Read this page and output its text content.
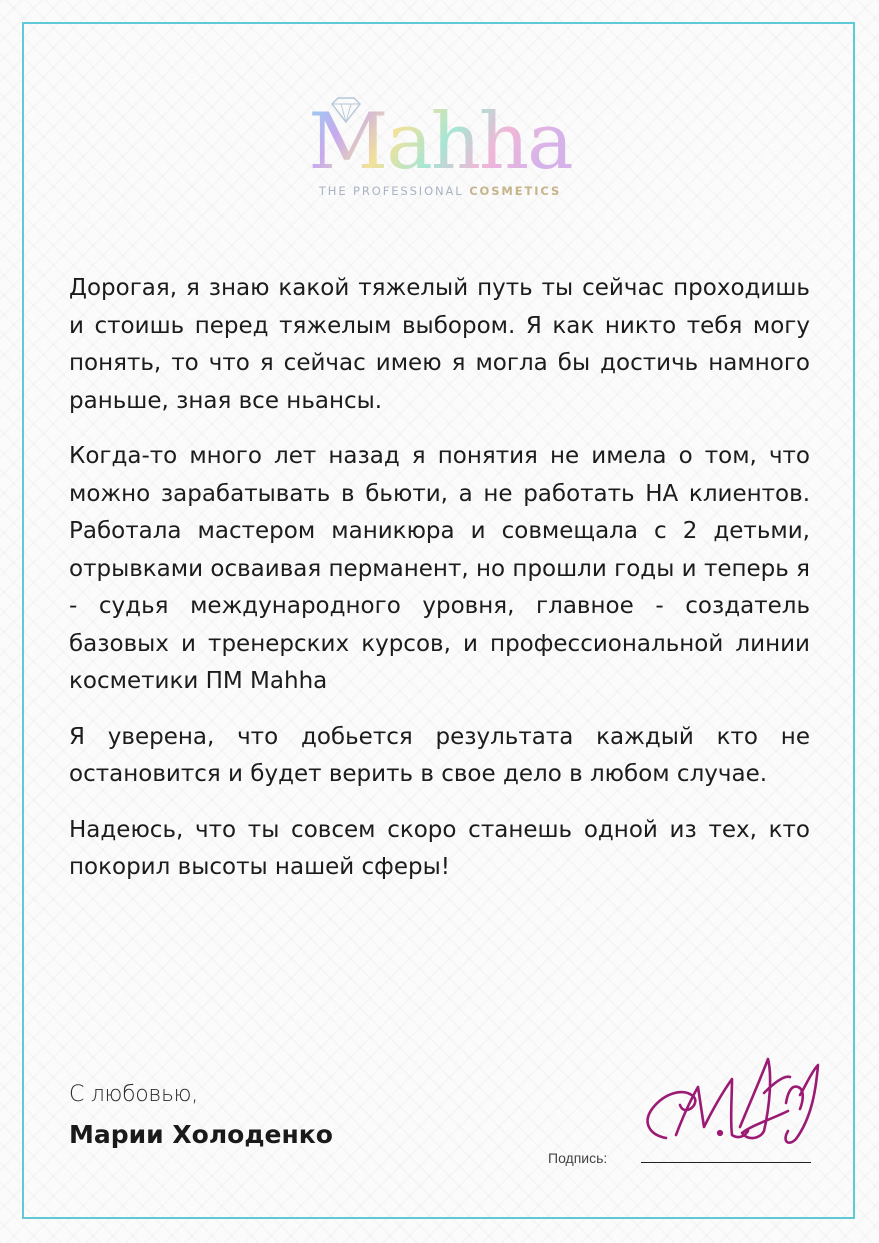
Mahha
THE PROFESSIONAL COSMETICS

Дорогая, я знаю какой тяжелый путь ты сейчас проходишь и стоишь перед тяжелым выбором. Я как никто тебя могу понять, то что я сейчас имею я могла бы достичь намного раньше, зная все ньансы.

Когда-то много лет назад я понятия не имела о том, что можно зарабатывать в бьюти, а не работать НА клиентов. Работала мастером маникюра и совмещала с 2 детьми, отрывками осваивая перманент, но прошли годы и теперь я - судья международного уровня, главное - создатель базовых и тренерских курсов, и профессиональной линии косметики ПМ Mahha

Я уверена, что добьется результата каждый кто не остановится и будет верить в свое дело в любом случае.

Надеюсь, что ты совсем скоро станешь одной из тех, кто покорил высоты нашей сферы!

С любовью,
Марии Холоденко
Подпись:
